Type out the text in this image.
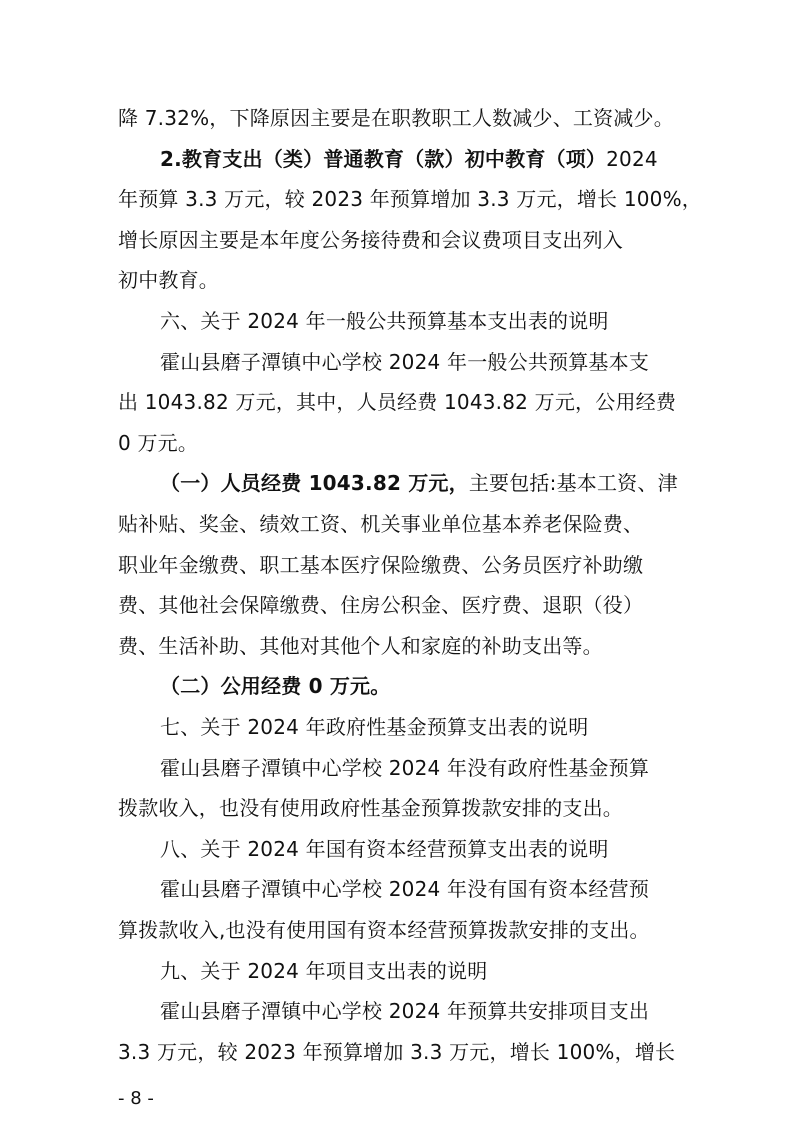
降 7.32%，下降原因主要是在职教职工人数减少、工资减少。
2.教育支出（类）普通教育（款）初中教育（项）2024
年预算 3.3 万元，较 2023 年预算增加 3.3 万元，增长 100%，
增长原因主要是本年度公务接待费和会议费项目支出列入
初中教育。
六、关于 2024 年一般公共预算基本支出表的说明
霍山县磨子潭镇中心学校 2024 年一般公共预算基本支
出 1043.82 万元，其中，人员经费 1043.82 万元，公用经费
0 万元。
（一）人员经费 1043.82 万元，主要包括:基本工资、津
贴补贴、奖金、绩效工资、机关事业单位基本养老保险费、
职业年金缴费、职工基本医疗保险缴费、公务员医疗补助缴
费、其他社会保障缴费、住房公积金、医疗费、退职（役）
费、生活补助、其他对其他个人和家庭的补助支出等。
（二）公用经费 0 万元。
七、关于 2024 年政府性基金预算支出表的说明
霍山县磨子潭镇中心学校 2024 年没有政府性基金预算
拨款收入，也没有使用政府性基金预算拨款安排的支出。
八、关于 2024 年国有资本经营预算支出表的说明
霍山县磨子潭镇中心学校 2024 年没有国有资本经营预
算拨款收入,也没有使用国有资本经营预算拨款安排的支出。
九、关于 2024 年项目支出表的说明
霍山县磨子潭镇中心学校 2024 年预算共安排项目支出
3.3 万元，较 2023 年预算增加 3.3 万元，增长 100%，增长
- 8 -
